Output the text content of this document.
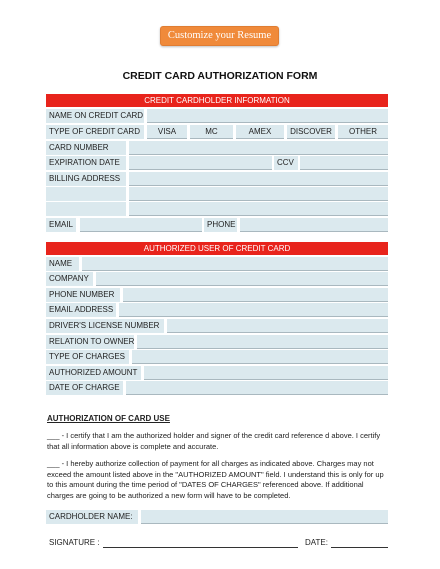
Customize your Resume
CREDIT CARD AUTHORIZATION FORM
CREDIT CARDHOLDER INFORMATION
NAME ON CREDIT CARD
TYPE OF CREDIT CARD	VISA	MC	AMEX	DISCOVER	OTHER
CARD NUMBER
EXPIRATION DATE	CCV
BILLING ADDRESS
EMAIL	PHONE
AUTHORIZED USER OF CREDIT CARD
NAME
COMPANY
PHONE NUMBER
EMAIL ADDRESS
DRIVER'S LICENSE NUMBER
RELATION TO OWNER
TYPE OF CHARGES
AUTHORIZED AMOUNT
DATE OF CHARGE
AUTHORIZATION OF CARD USE
___ - I certify that I am the authorized holder and signer of the credit card reference d above. I certify that all information above is complete and accurate.
___ - I hereby authorize collection of payment for all charges as indicated above. Charges may not exceed the amount listed above in the "AUTHORIZED AMOUNT" field. I understand this is only for up to this amount during the time period of "DATES OF CHARGES" referenced above. If additional charges are going to be authorized a new form will have to be completed.
CARDHOLDER NAME:
SIGNATURE :	DATE:
